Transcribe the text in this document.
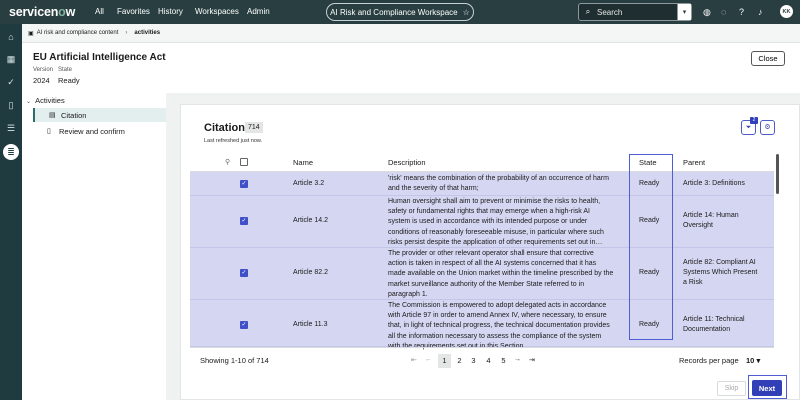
servicenow All Favorites History Workspaces Admin	AI Risk and Compliance Workspace ☆	⌕
Search	▾	◍ ◌ ? ♪	KK
⌂
▦
✓
▯
☰
≣
▣ AI risk and compliance content › activities
EU Artificial Intelligence Act
Version
2024
State
Ready
Close
⌄ Activities
▤ Citation
▯ Review and confirm	Citation 714
Last refreshed just now.
⏷
2
⚙
⚲	Name	Description	State	Parent
✓	Article 3.2
'risk' means the combination of the probability of an occurrence of harm and the severity of that harm;
Ready	Article 3: Definitions
✓	Article 14.2
Human oversight shall aim to prevent or minimise the risks to health, safety or fundamental rights that may emerge when a high-risk AI system is used in accordance with its intended purpose or under conditions of reasonably foreseeable misuse, in particular where such risks persist despite the application of other requirements set out in…
Ready
Article 14: Human Oversight
✓	Article 82.2
The provider or other relevant operator shall ensure that corrective action is taken in respect of all the AI systems concerned that it has made available on the Union market within the timeline prescribed by the market surveillance authority of the Member State referred to in paragraph 1.
Ready
Article 82: Compliant AI Systems Which Present a Risk
✓	Article 11.3
The Commission is empowered to adopt delegated acts in accordance with Article 97 in order to amend Annex IV, where necessary, to ensure that, in light of technical progress, the technical documentation provides all the information necessary to assess the compliance of the system
Ready
Article 11: Technical Documentation
Showing 1-10 of 714	⇤ ←	1	2	3	4	5	→ ⇥	Records per page 10 ▾
Skip	Next
